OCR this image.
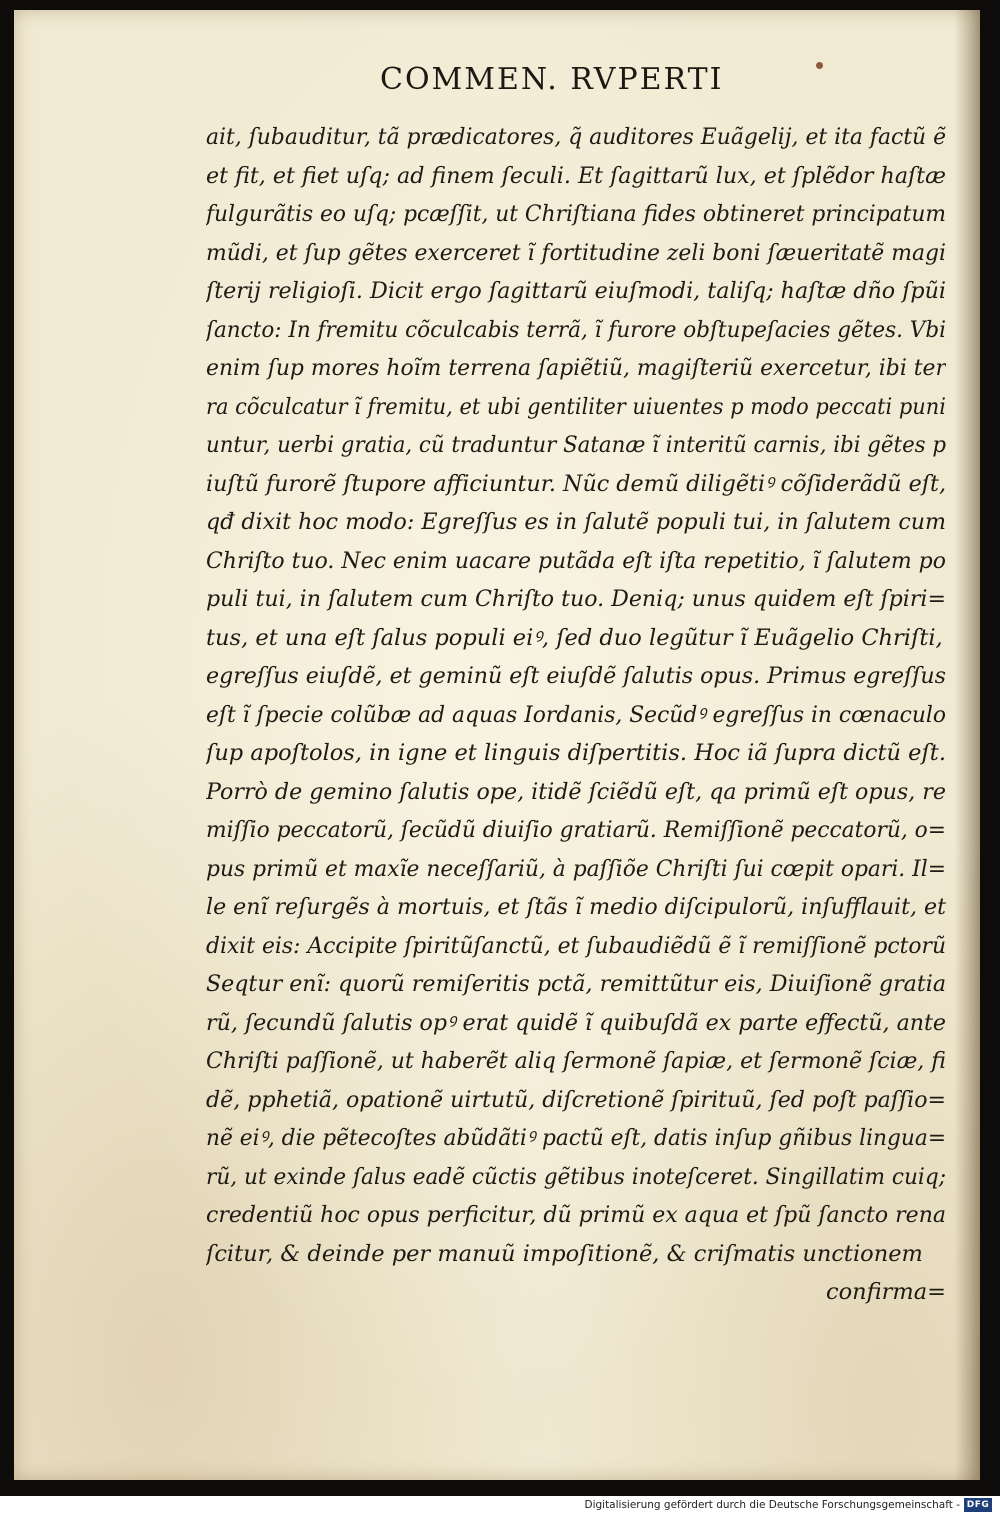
COMMEN. RVPERTI
ait, ſubauditur, tã prædicatores, q̃ auditores Euãgelij, et ita factũ ẽ
et fit, et fiet uſq; ad finem ſeculi. Et ſagittarũ lux, et ſplẽdor haſtæ
fulgurãtis eo uſq; pcæſſit, ut Chriſtiana fides obtineret principatum
mũdi, et ſup gẽtes exerceret ĩ fortitudine zeli boni ſæueritatẽ magi
ſterij religioſi. Dicit ergo ſagittarũ eiuſmodi, taliſq; haſtæ dño ſpũi
ſancto: In fremitu cõculcabis terrã, ĩ furore obſtupeſacies gẽtes. Vbi
enim ſup mores hoĩm terrena ſapiẽtiũ, magiſteriũ exercetur, ibi ter
ra cõculcatur ĩ fremitu, et ubi gentiliter uiuentes p modo peccati puni
untur, uerbi gratia, cũ traduntur Satanæ ĩ interitũ carnis, ibi gẽtes p
iuſtũ furorẽ ſtupore afficiuntur. Nũc demũ diligẽtiꝰ cõſiderãdũ eſt,
qđ dixit hoc modo: Egreſſus es in ſalutẽ populi tui, in ſalutem cum
Chriſto tuo. Nec enim uacare putãda eſt iſta repetitio, ĩ ſalutem po
puli tui, in ſalutem cum Chriſto tuo. Deniq; unus quidem eſt ſpiri=
tus, et una eſt ſalus populi eiꝰ, ſed duo legũtur ĩ Euãgelio Chriſti,
egreſſus eiuſdẽ, et geminũ eſt eiuſdẽ ſalutis opus. Primus egreſſus
eſt ĩ ſpecie colũbæ ad aquas Iordanis, Secũdꝰ egreſſus in cœnaculo
ſup apoſtolos, in igne et linguis diſpertitis. Hoc iã ſupra dictũ eſt.
Porrò de gemino ſalutis ope, itidẽ ſciẽdũ eſt, qa primũ eſt opus, re
miſſio peccatorũ, ſecũdũ diuiſio gratiarũ. Remiſſionẽ peccatorũ, o=
pus primũ et maxĩe neceſſariũ, à paſſiõe Chriſti ſui cœpit opari. Il=
le enĩ reſurgẽs à mortuis, et ſtãs ĩ medio diſcipulorũ, inſufflauit, et
dixit eis: Accipite ſpiritũſanctũ, et ſubaudiẽdũ ẽ ĩ remiſſionẽ pctorũ
Seqtur enĩ: quorũ remiſeritis pctã, remittũtur eis, Diuiſionẽ gratia
rũ, ſecundũ ſalutis opꝰ erat quidẽ ĩ quibuſdã ex parte effectũ, ante
Chriſti paſſionẽ, ut haberẽt aliq ſermonẽ ſapiæ, et ſermonẽ ſciæ, fi
dẽ, pphetiã, opationẽ uirtutũ, diſcretionẽ ſpirituũ, ſed poſt paſſio=
nẽ eiꝰ, die pẽtecoſtes abũdãtiꝰ pactũ eſt, datis inſup gñibus lingua=
rũ, ut exinde ſalus eadẽ cũctis gẽtibus inoteſceret. Singillatim cuiq;
credentiũ hoc opus perficitur, dũ primũ ex aqua et ſpũ ſancto rena
ſcitur, & deinde per manuũ impoſitionẽ, & criſmatis unctionem
confirma=
Digitalisierung gefördert durch die Deutsche Forschungsgemeinschaft - DFG
